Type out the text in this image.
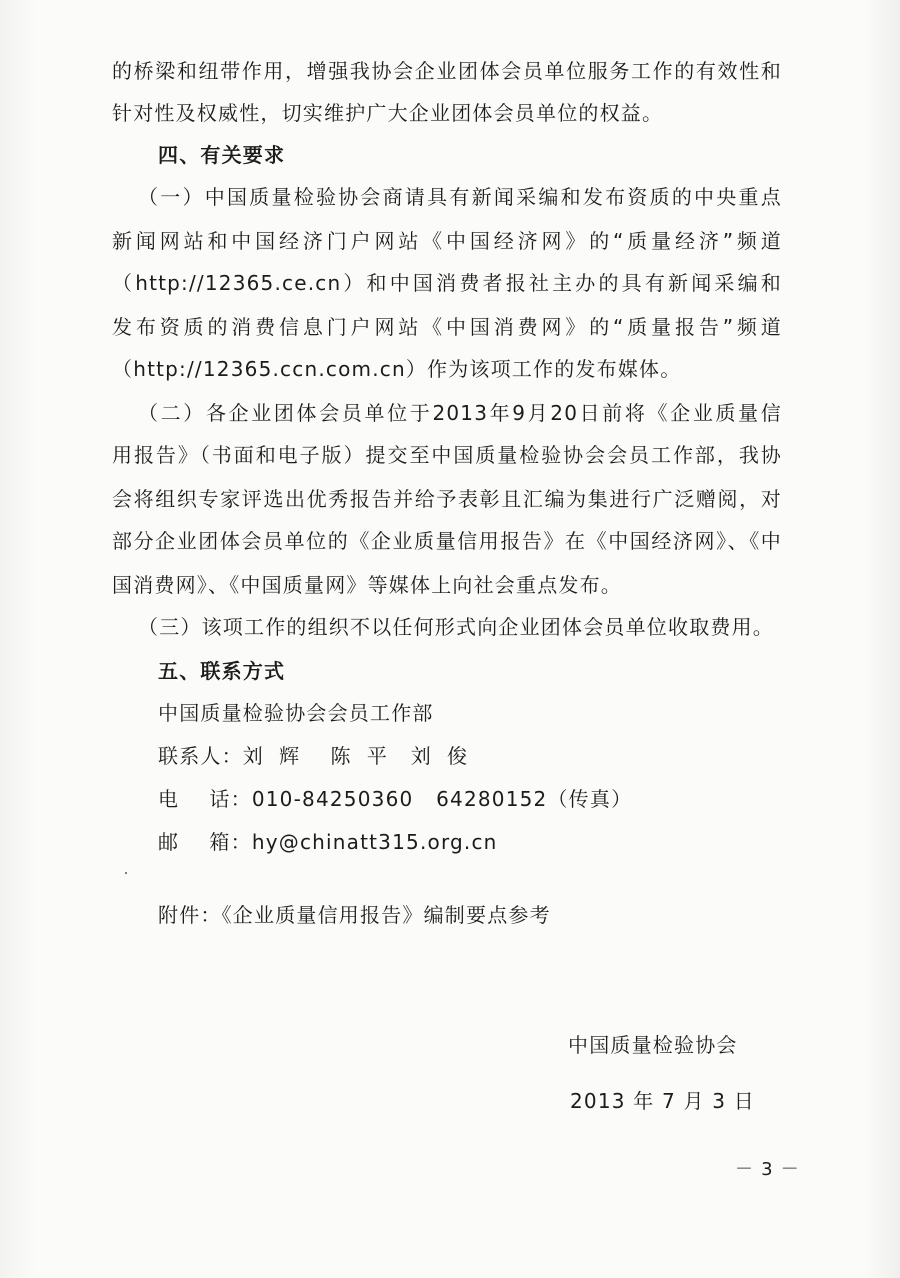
的桥梁和纽带作用，增强我协会企业团体会员单位服务工作的有效性和
针对性及权威性，切实维护广大企业团体会员单位的权益。
四、有关要求
（一）中国质量检验协会商请具有新闻采编和发布资质的中央重点
新闻网站和中国经济门户网站《中国经济网》的“质量经济”频道
（http://12365.ce.cn）和中国消费者报社主办的具有新闻采编和
发布资质的消费信息门户网站《中国消费网》的“质量报告”频道
（http://12365.ccn.com.cn）作为该项工作的发布媒体。
（二）各企业团体会员单位于2013年9月20日前将《企业质量信
用报告》（书面和电子版）提交至中国质量检验协会会员工作部，我协
会将组织专家评选出优秀报告并给予表彰且汇编为集进行广泛赠阅，对
部分企业团体会员单位的《企业质量信用报告》在《中国经济网》、《中
国消费网》、《中国质量网》等媒体上向社会重点发布。
（三）该项工作的组织不以任何形式向企业团体会员单位收取费用。
五、联系方式
中国质量检验协会会员工作部
联系人：刘  辉    陈  平   刘  俊
电    话：010-84250360   64280152（传真）
邮    箱：hy@chinatt315.org.cn
附件：《企业质量信用报告》编制要点参考
中国质量检验协会
2013 年 7 月 3 日
－ 3 －
